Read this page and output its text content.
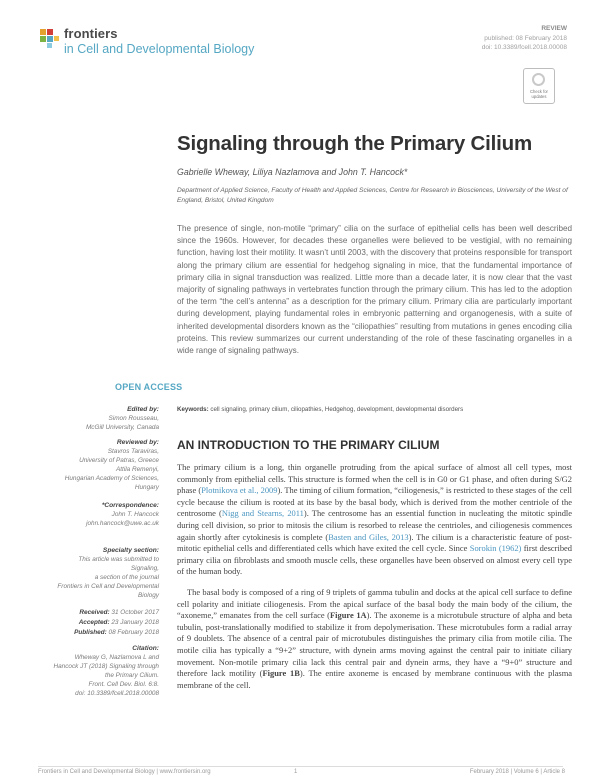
frontiers
in Cell and Developmental Biology
REVIEW
published: 08 February 2018
doi: 10.3389/fcell.2018.00008
Check for
updates
Signaling through the Primary Cilium
Gabrielle Wheway, Liliya Nazlamova and John T. Hancock*
Department of Applied Science, Faculty of Health and Applied Sciences, Centre for Research in Biosciences, University of the West of England, Bristol, United Kingdom
The presence of single, non-motile “primary” cilia on the surface of epithelial cells has been well described since the 1960s. However, for decades these organelles were believed to be vestigial, with no remaining function, having lost their motility. It wasn’t until 2003, with the discovery that proteins responsible for transport along the primary cilium are essential for hedgehog signaling in mice, that the fundamental importance of primary cilia in signal transduction was realized. Little more than a decade later, it is now clear that the vast majority of signaling pathways in vertebrates function through the primary cilium. This has led to the adoption of the term “the cell’s antenna” as a description for the primary cilium. Primary cilia are particularly important during development, playing fundamental roles in embryonic patterning and organogenesis, with a suite of inherited developmental disorders known as the “ciliopathies” resulting from mutations in genes encoding cilia proteins. This review summarizes our current understanding of the role of these fascinating organelles in a wide range of signaling pathways.
Keywords: cell signaling, primary cilium, ciliopathies, Hedgehog, development, developmental disorders
OPEN ACCESS
Edited by:
Simon Rousseau,
McGill University, Canada
Reviewed by:
Stavros Taraviras,
University of Patras, Greece
Attila Remenyi,
Hungarian Academy of Sciences,
Hungary
*Correspondence:
John T. Hancock
john.hancock@uwe.ac.uk
Specialty section:
This article was submitted to
Signaling,
a section of the journal
Frontiers in Cell and Developmental
Biology
Received: 31 October 2017
Accepted: 23 January 2018
Published: 08 February 2018
Citation:
Wheway G, Nazlamova L and
Hancock JT (2018) Signaling through
the Primary Cilium.
Front. Cell Dev. Biol. 6:8.
doi: 10.3389/fcell.2018.00008
AN INTRODUCTION TO THE PRIMARY CILIUM

The primary cilium is a long, thin organelle protruding from the apical surface of almost all cell types, most commonly from epithelial cells. This structure is formed when the cell is in G0 or G1 phase, and often during S/G2 phase (Plotnikova et al., 2009). The timing of cilium formation, “ciliogenesis,” is restricted to these stages of the cell cycle because the cilium is rooted at its base by the basal body, which is derived from the mother centriole of the centrosome (Nigg and Stearns, 2011). The centrosome has an essential function in nucleating the mitotic spindle during cell division, so prior to mitosis the cilium is resorbed to release the centrioles, and ciliogenesis commences again shortly after cytokinesis is complete (Basten and Giles, 2013). The cilium is a characteristic feature of post-mitotic epithelial cells and differentiated cells which have exited the cell cycle. Since Sorokin (1962) first described primary cilia on fibroblasts and smooth muscle cells, these organelles have been observed on almost every cell type of the human body.

The basal body is composed of a ring of 9 triplets of gamma tubulin and docks at the apical cell surface to define cell polarity and initiate ciliogenesis. From the apical surface of the basal body the main body of the cilium, the “axoneme,” emanates from the cell surface (Figure 1A). The axoneme is a microtubule structure of alpha and beta tubulin, post-translationally modified to stabilize it from depolymerisation. These microtubules form a radial array of 9 doublets. The absence of a central pair of microtubules distinguishes the primary cilia from motile cilia. The motile cilia has typically a “9+2” structure, with dynein arms moving against the central pair to initiate ciliary movement. Non-motile primary cilia lack this central pair and dynein arms, they have a “9+0” structure and therefore lack motility (Figure 1B). The entire axoneme is encased by membrane continuous with the plasma membrane of the cell.

Frontiers in Cell and Developmental Biology | www.frontiersin.org	1	February 2018 | Volume 6 | Article 8
